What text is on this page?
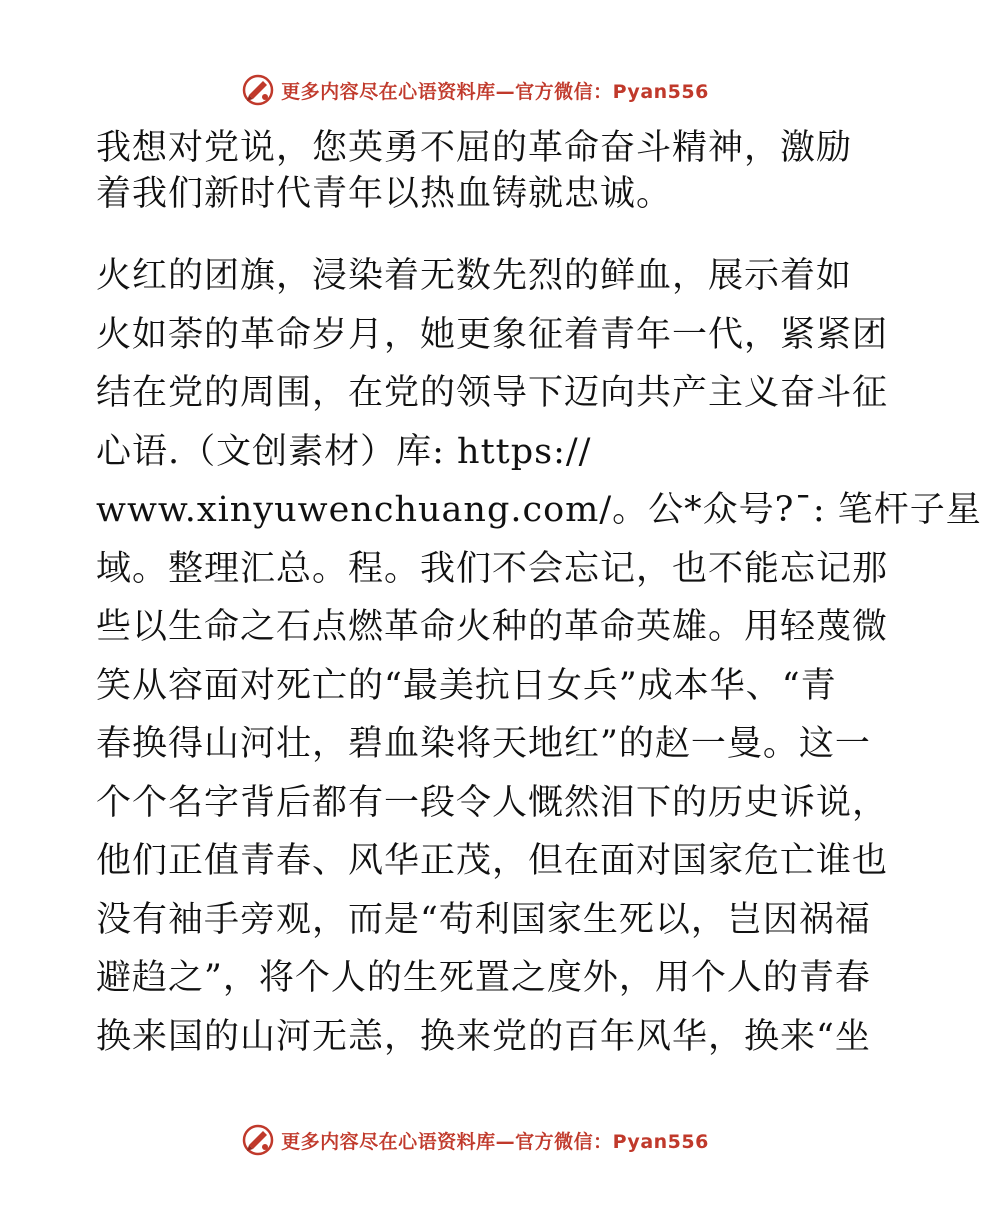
更多内容尽在心语资料库—官方微信：Pyan556

我想对党说，您英勇不屈的革命奋斗精神，激励
着我们新时代青年以热血铸就忠诚。

火红的团旗，浸染着无数先烈的鲜血，展示着如
火如荼的革命岁月，她更象征着青年一代，紧紧团
结在党的周围，在党的领导下迈向共产主义奋斗征
心语.（文创素材）库: https://
www.xinyuwenchuang.com/。公*众号?¯: 笔杆子星
域。整理汇总。程。我们不会忘记，也不能忘记那
些以生命之石点燃革命火种的革命英雄。用轻蔑微
笑从容面对死亡的“最美抗日女兵”成本华、“青
春换得山河壮，碧血染将天地红”的赵一曼。这一
个个名字背后都有一段令人慨然泪下的历史诉说，
他们正值青春、风华正茂，但在面对国家危亡谁也
没有袖手旁观，而是“苟利国家生死以，岂因祸福
避趋之”，将个人的生死置之度外，用个人的青春
换来国的山河无恙，换来党的百年风华，换来“坐

更多内容尽在心语资料库—官方微信：Pyan556
